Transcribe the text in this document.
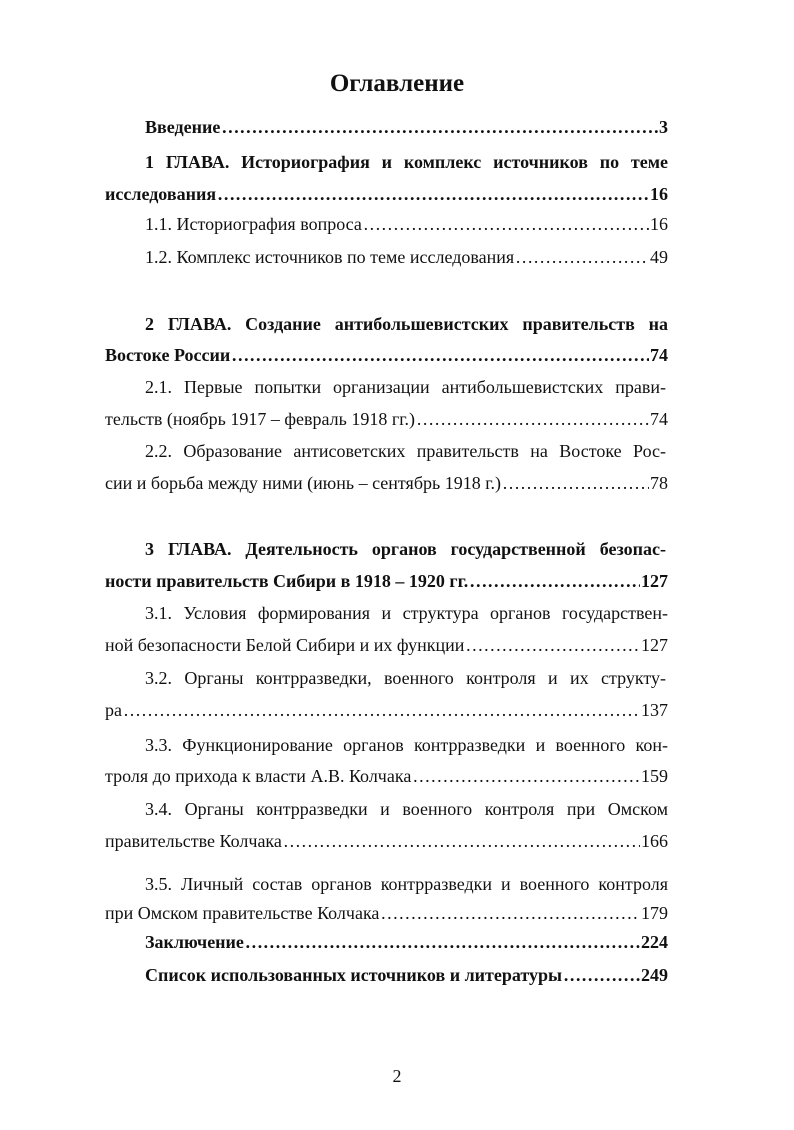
Оглавление
Введение …………………………………………………………………………………………………………………………………………………………………………………………	3
1 ГЛАВА. Историография и комплекс источников по теме
исследования …………………………………………………………………………………………………………………………………………………………………………………………	16
1.1. Историография вопроса …………………………………………………………………………………………………………………………………………………………………………………………	16
1.2. Комплекс источников по теме исследования …………………………………………………………………………………………………………………………………………………………………………………………	49
2 ГЛАВА. Создание антибольшевистских правительств на
Востоке России …………………………………………………………………………………………………………………………………………………………………………………………	74
2.1. Первые попытки организации антибольшевистских прави-
тельств (ноябрь 1917 – февраль 1918 гг.) …………………………………………………………………………………………………………………………………………………………………………………………	74
2.2. Образование антисоветских правительств на Востоке Рос-
сии и борьба между ними (июнь – сентябрь 1918 г.) …………………………………………………………………………………………………………………………………………………………………………………………	78
3 ГЛАВА. Деятельность органов государственной безопас-
ности правительств Сибири в 1918 – 1920 гг. …………………………………………………………………………………………………………………………………………………………………………………………	127
3.1. Условия формирования и структура органов государствен-
ной безопасности Белой Сибири и их функции …………………………………………………………………………………………………………………………………………………………………………………………	127
3.2. Органы контрразведки, военного контроля и их структу-
ра …………………………………………………………………………………………………………………………………………………………………………………………	137
3.3. Функционирование органов контрразведки и военного кон-
троля до прихода к власти А.В. Колчака …………………………………………………………………………………………………………………………………………………………………………………………	159
3.4. Органы контрразведки и военного контроля при Омском
правительстве Колчака …………………………………………………………………………………………………………………………………………………………………………………………	166
3.5. Личный состав органов контрразведки и военного контроля
при Омском правительстве Колчака …………………………………………………………………………………………………………………………………………………………………………………………	179
Заключение …………………………………………………………………………………………………………………………………………………………………………………………	224
Список использованных источников и литературы …………………………………………………………………………………………………………………………………………………………………………………………	249
2
